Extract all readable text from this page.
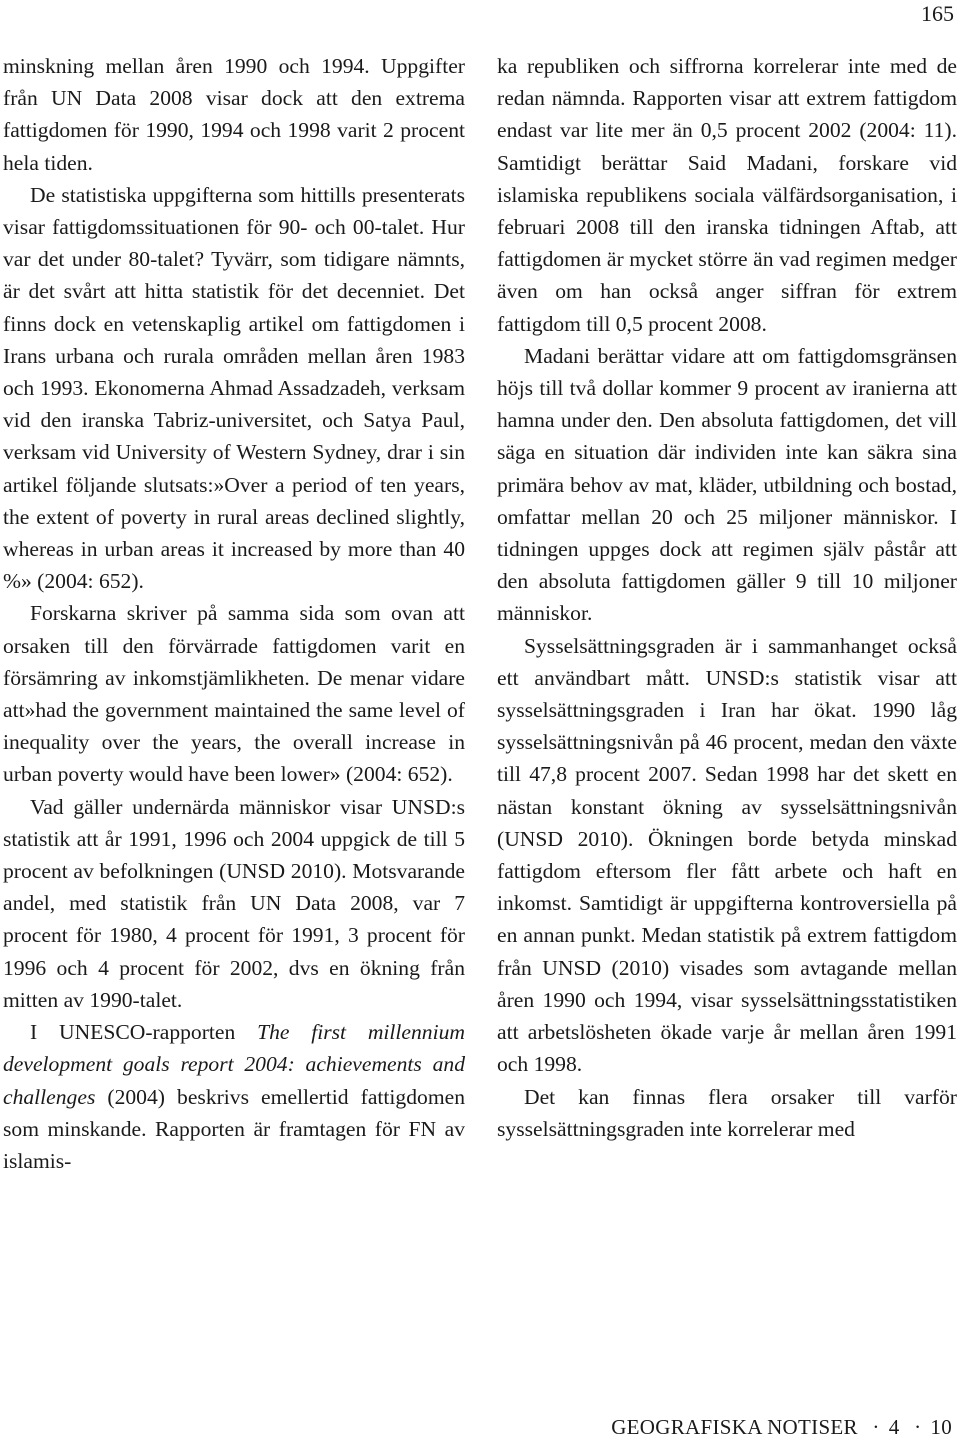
165

minskning mellan åren 1990 och 1994. Uppgifter från UN Data 2008 visar dock att den extrema fattigdomen för 1990, 1994 och 1998 varit 2 procent hela tiden.

De statistiska uppgifterna som hittills presenterats visar fattigdomssituationen för 90- och 00-talet. Hur var det under 80-talet? Tyvärr, som tidigare nämnts, är det svårt att hitta statistik för det decenniet. Det finns dock en vetenskaplig artikel om fattigdomen i Irans urbana och rurala områden mellan åren 1983 och 1993. Ekonomerna Ahmad Assadzadeh, verksam vid den iranska Tabriz-universitet, och Satya Paul, verksam vid University of Western Sydney, drar i sin artikel följande slutsats:»Over a period of ten years, the extent of poverty in rural areas declined slightly, whereas in urban areas it increased by more than 40 %» (2004: 652).

Forskarna skriver på samma sida som ovan att orsaken till den förvärrade fattigdomen varit en försämring av inkomstjämlikheten. De menar vidare att»had the government maintained the same level of inequality over the years, the overall increase in urban poverty would have been lower» (2004: 652).

Vad gäller undernärda människor visar UNSD:s statistik att år 1991, 1996 och 2004 uppgick de till 5 procent av befolkningen (UNSD 2010). Motsvarande andel, med statistik från UN Data 2008, var 7 procent för 1980, 4 procent för 1991, 3 procent för 1996 och 4 procent för 2002, dvs en ökning från mitten av 1990-talet.

I UNESCO-rapporten The first millennium development goals report 2004: achievements and challenges (2004) beskrivs emellertid fattigdomen som minskande. Rapporten är framtagen för FN av islamis-

ka republiken och siffrorna korrelerar inte med de redan nämnda. Rapporten visar att extrem fattigdom endast var lite mer än 0,5 procent 2002 (2004: 11). Samtidigt berättar Said Madani, forskare vid islamiska republikens sociala välfärdsorganisation, i februari 2008 till den iranska tidningen Aftab, att fattigdomen är mycket större än vad regimen medger även om han också anger siffran för extrem fattigdom till 0,5 procent 2008.

Madani berättar vidare att om fattigdomsgränsen höjs till två dollar kommer 9 procent av iranierna att hamna under den. Den absoluta fattigdomen, det vill säga en situation där individen inte kan säkra sina primära behov av mat, kläder, utbildning och bostad, omfattar mellan 20 och 25 miljoner människor. I tidningen uppges dock att regimen själv påstår att den absoluta fattigdomen gäller 9 till 10 miljoner människor.

Sysselsättningsgraden är i sammanhanget också ett användbart mått. UNSD:s statistik visar att sysselsättningsgraden i Iran har ökat. 1990 låg sysselsättningsnivån på 46 procent, medan den växte till 47,8 procent 2007. Sedan 1998 har det skett en nästan konstant ökning av sysselsättningsnivån (UNSD 2010). Ökningen borde betyda minskad fattigdom eftersom fler fått arbete och haft en inkomst. Samtidigt är uppgifterna kontroversiella på en annan punkt. Medan statistik på extrem fattigdom från UNSD (2010) visades som avtagande mellan åren 1990 och 1994, visar sysselsättningsstatistiken att arbetslösheten ökade varje år mellan åren 1991 och 1998.

Det kan finnas flera orsaker till varför sysselsättningsgraden inte korrelerar med

GEOGRAFISKA NOTISER · 4 · 10
